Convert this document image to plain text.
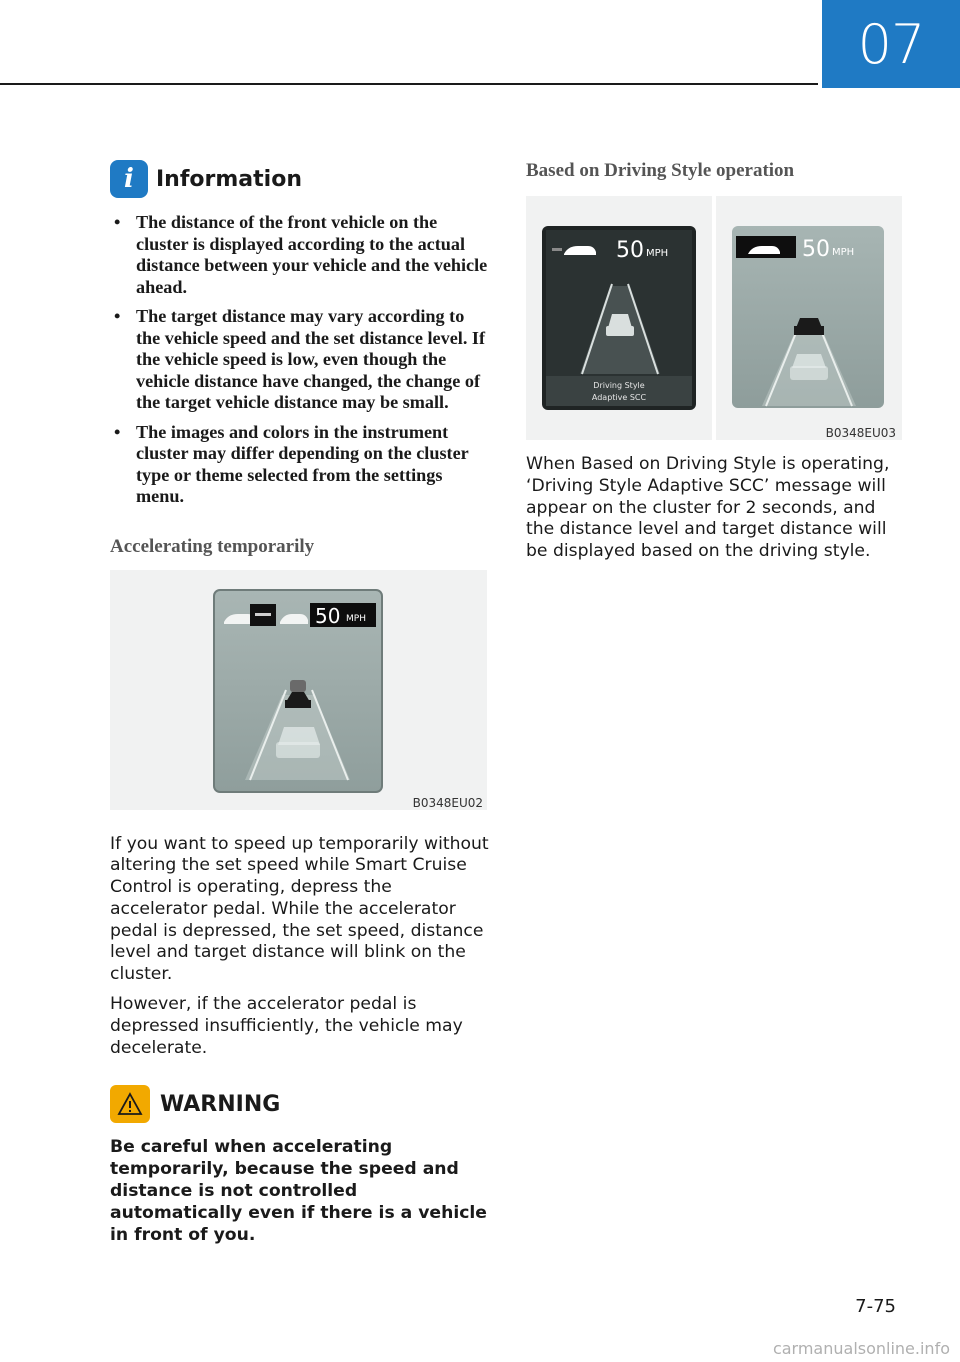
07
i	Information
• The distance of the front vehicle on the cluster is displayed according to the actual distance between your vehicle and the vehicle ahead.
• The target distance may vary according to the vehicle speed and the set distance level. If the vehicle speed is low, even though the vehicle distance have changed, the change of the target vehicle distance may be small.
• The images and colors in the instrument cluster may differ depending on the cluster type or theme selected from the settings menu.
Accelerating temporarily
50 MPH
B0348EU02

If you want to speed up temporarily without altering the set speed while Smart Cruise Control is operating, depress the accelerator pedal. While the accelerator pedal is depressed, the set speed, distance level and target distance will blink on the cluster.

However, if the accelerator pedal is depressed insufficiently, the vehicle may decelerate.

WARNING
Be careful when accelerating temporarily, because the speed and distance is not controlled automatically even if there is a vehicle in front of you.
Based on Driving Style operation
50 MPH
Driving Style
Adaptive SCC
50 MPH
B0348EU03

When Based on Driving Style is operating, ‘Driving Style Adaptive SCC’ message will appear on the cluster for 2 seconds, and the distance level and target distance will be displayed based on the driving style.

7-75
carmanualsonline.info
